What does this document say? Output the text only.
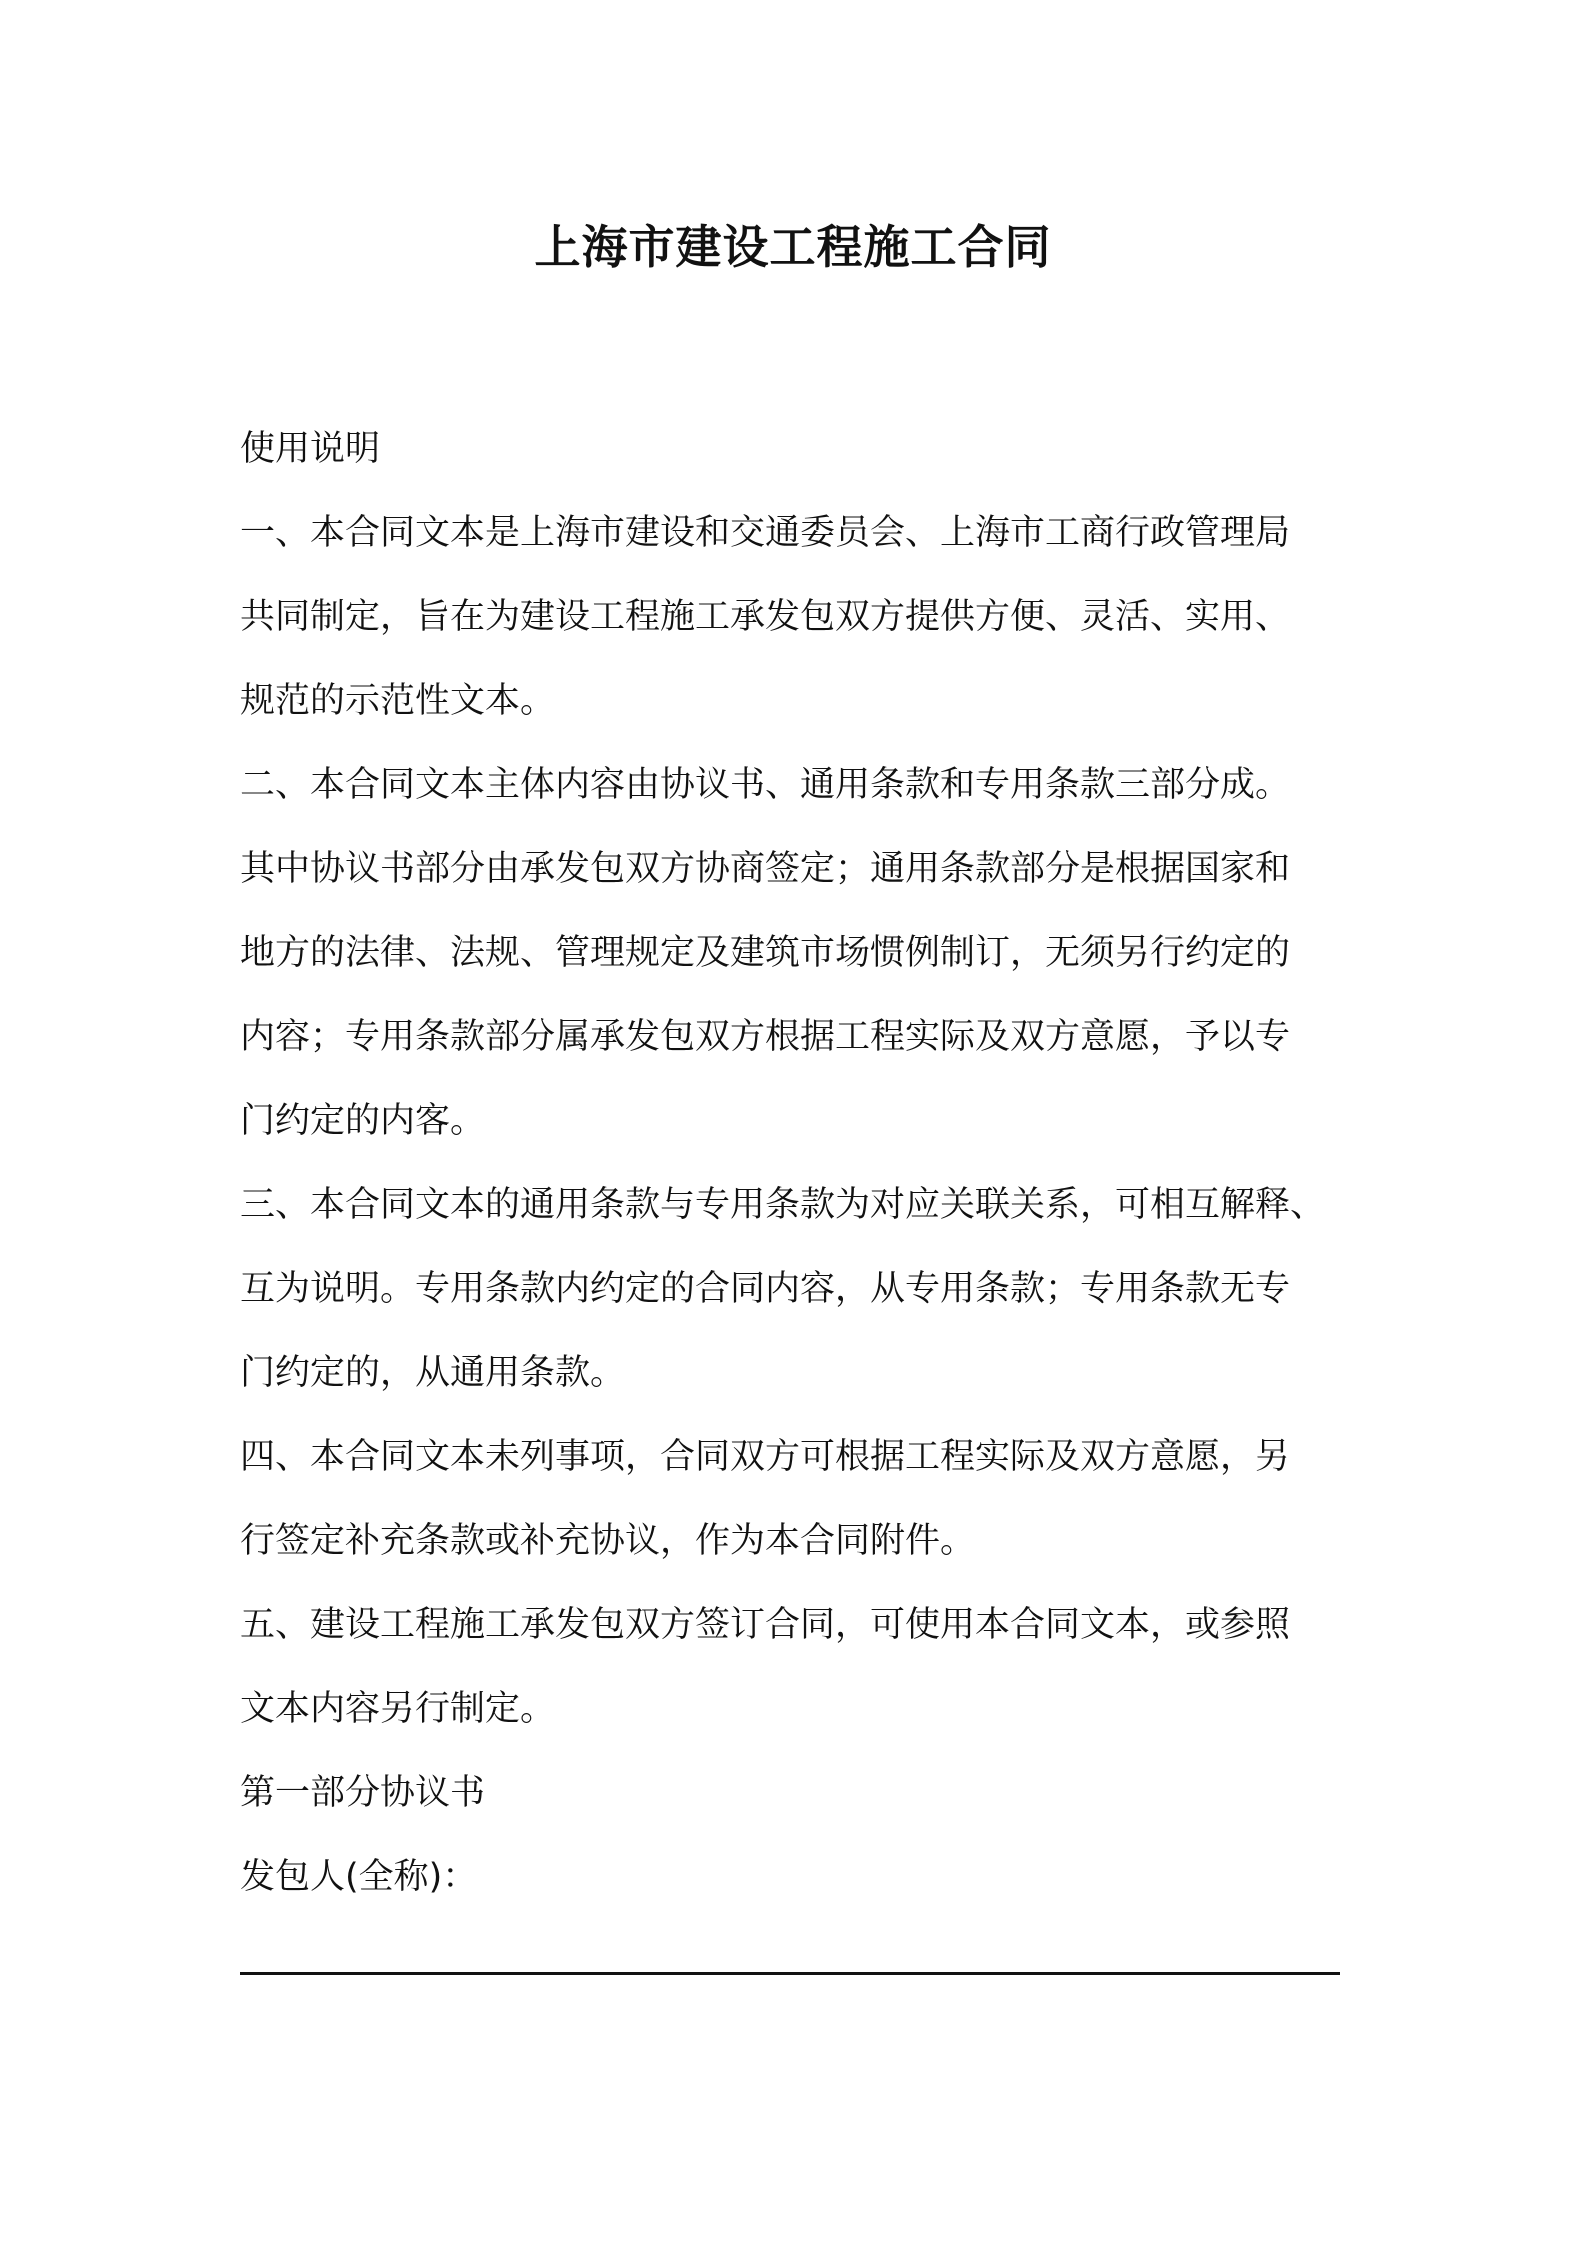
上海市建设工程施工合同

使用说明

一、本合同文本是上海市建设和交通委员会、上海市工商行政管理局

共同制定，旨在为建设工程施工承发包双方提供方便、灵活、实用、

规范的示范性文本。

二、本合同文本主体内容由协议书、通用条款和专用条款三部分成。

其中协议书部分由承发包双方协商签定；通用条款部分是根据国家和

地方的法律、法规、管理规定及建筑市场惯例制订，无须另行约定的

内容；专用条款部分属承发包双方根据工程实际及双方意愿，予以专

门约定的内客。

三、本合同文本的通用条款与专用条款为对应关联关系，可相互解释、

互为说明。专用条款内约定的合同内容，从专用条款；专用条款无专

门约定的，从通用条款。

四、本合同文本未列事项，合同双方可根据工程实际及双方意愿，另

行签定补充条款或补充协议，作为本合同附件。

五、建设工程施工承发包双方签订合同，可使用本合同文本，或参照

文本内容另行制定。

第一部分协议书

发包人(全称)：
